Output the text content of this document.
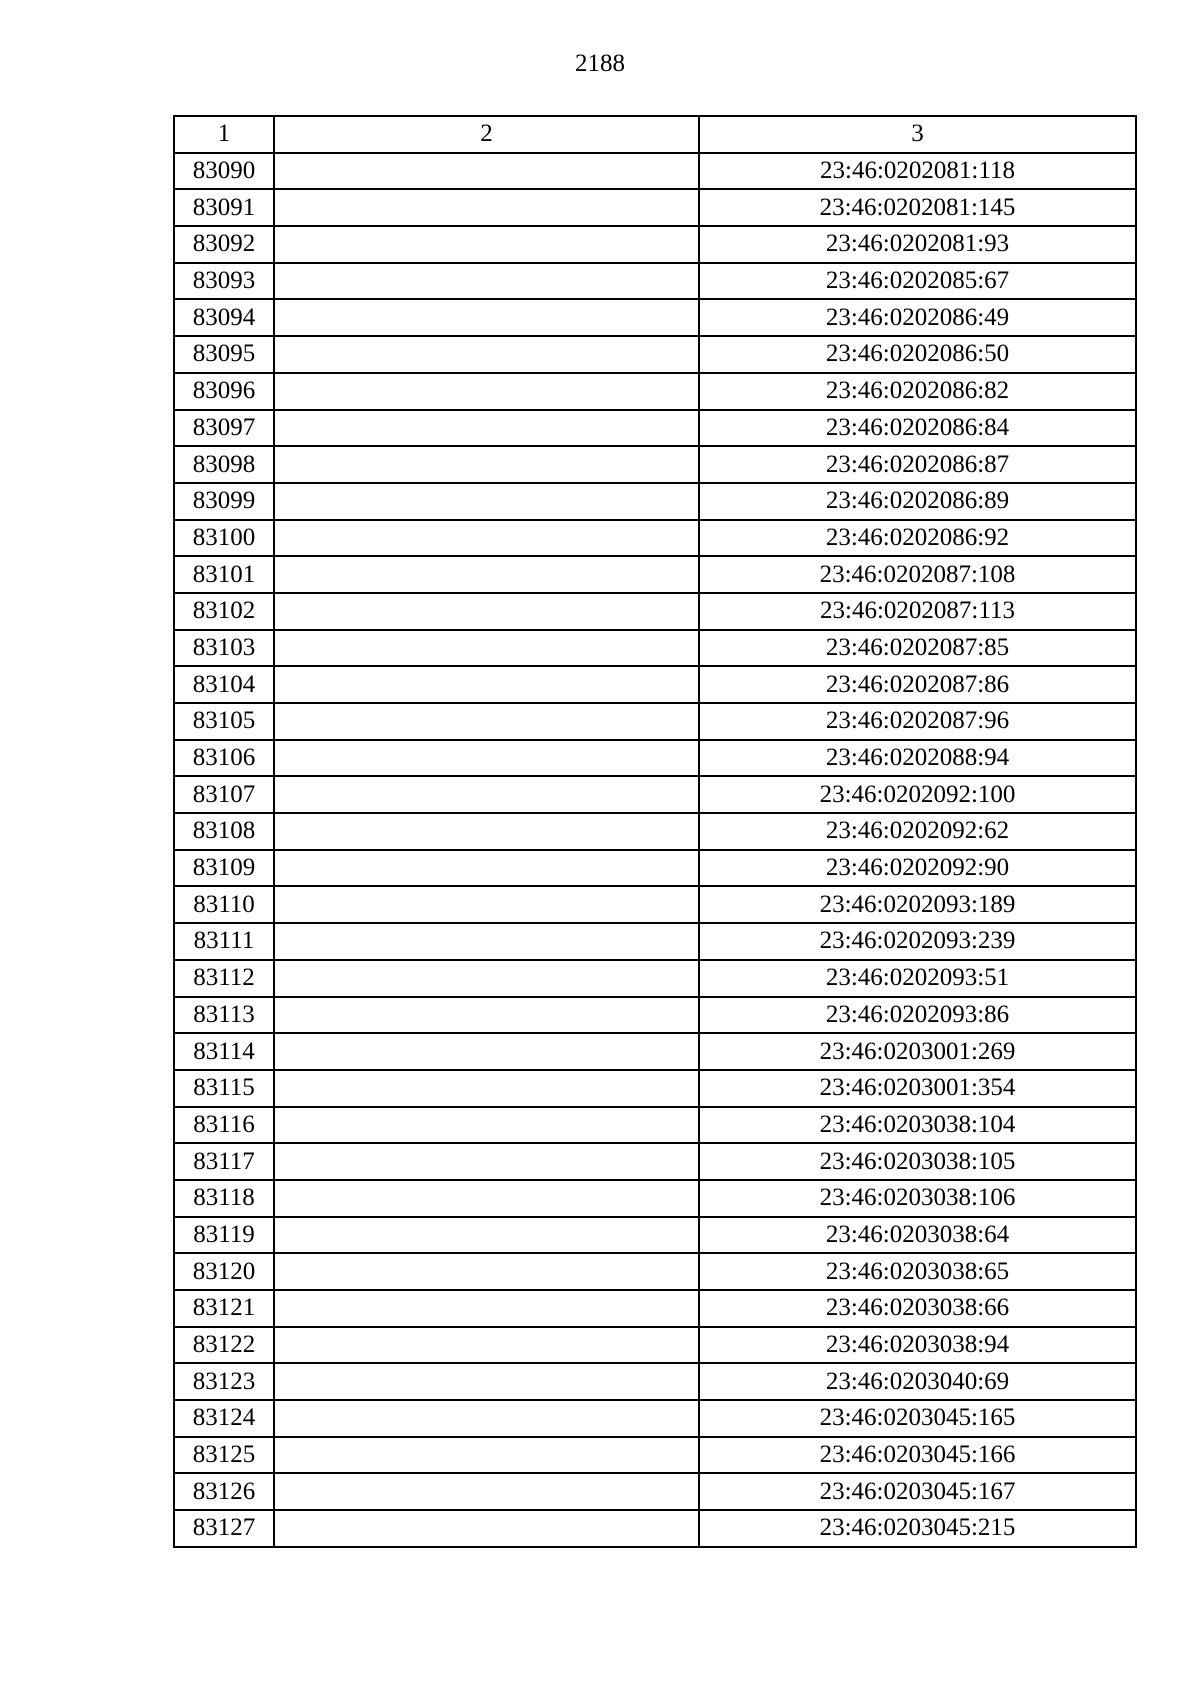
2188
1	2	3
83090		23:46:0202081:118
83091		23:46:0202081:145
83092		23:46:0202081:93
83093		23:46:0202085:67
83094		23:46:0202086:49
83095		23:46:0202086:50
83096		23:46:0202086:82
83097		23:46:0202086:84
83098		23:46:0202086:87
83099		23:46:0202086:89
83100		23:46:0202086:92
83101		23:46:0202087:108
83102		23:46:0202087:113
83103		23:46:0202087:85
83104		23:46:0202087:86
83105		23:46:0202087:96
83106		23:46:0202088:94
83107		23:46:0202092:100
83108		23:46:0202092:62
83109		23:46:0202092:90
83110		23:46:0202093:189
83111		23:46:0202093:239
83112		23:46:0202093:51
83113		23:46:0202093:86
83114		23:46:0203001:269
83115		23:46:0203001:354
83116		23:46:0203038:104
83117		23:46:0203038:105
83118		23:46:0203038:106
83119		23:46:0203038:64
83120		23:46:0203038:65
83121		23:46:0203038:66
83122		23:46:0203038:94
83123		23:46:0203040:69
83124		23:46:0203045:165
83125		23:46:0203045:166
83126		23:46:0203045:167
83127		23:46:0203045:215
